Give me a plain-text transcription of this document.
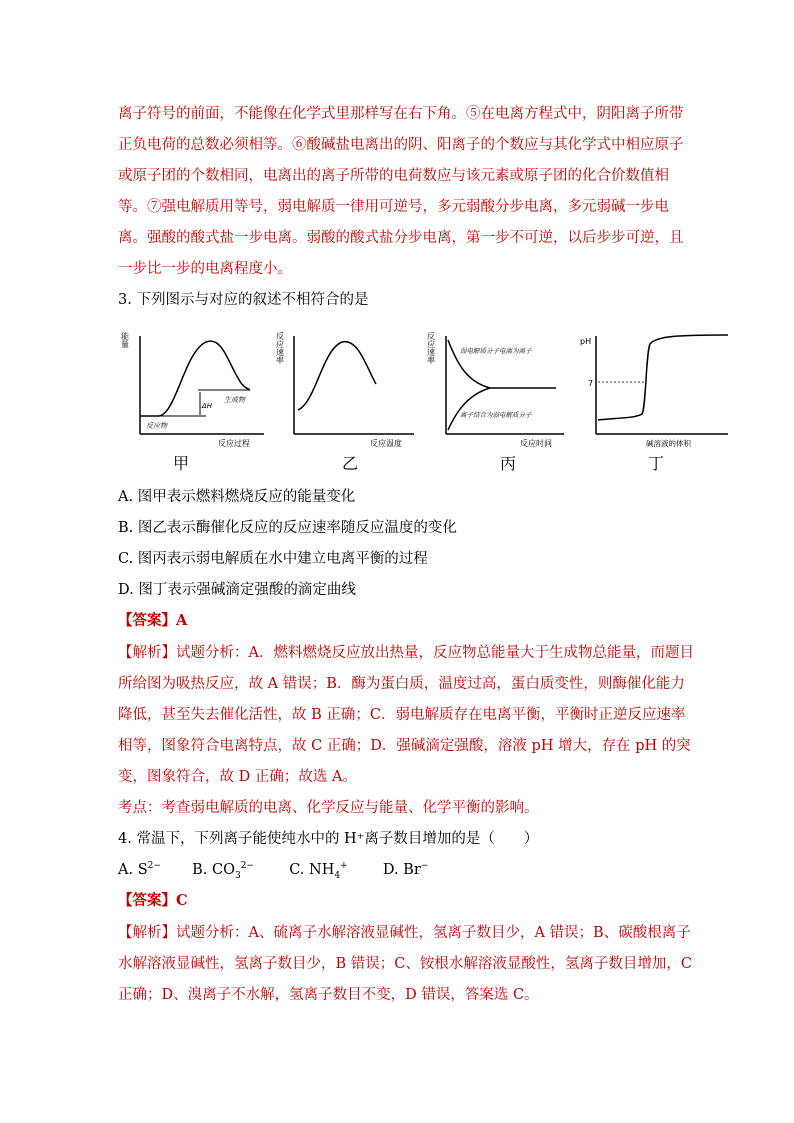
离子符号的前面，不能像在化学式里那样写在右下角。⑤在电离方程式中，阴阳离子所带
正负电荷的总数必须相等。⑥酸碱盐电离出的阴、阳离子的个数应与其化学式中相应原子
或原子团的个数相同，电离出的离子所带的电荷数应与该元素或原子团的化合价数值相
等。⑦强电解质用等号，弱电解质一律用可逆号，多元弱酸分步电离，多元弱碱一步电
离。强酸的酸式盐一步电离。弱酸的酸式盐分步电离，第一步不可逆，以后步步可逆，且
一步比一步的电离程度小。
3. 下列图示与对应的叙述不相符合的是
能量
ΔH
生成物
反应物
反应过程
反应速率
反应温度
反应速率	弱电解质分子电离为离子
离子结合为弱电解质分子
反应时间
pH
7
碱溶液的体积
甲	乙	丙	丁
A. 图甲表示燃料燃烧反应的能量变化
B. 图乙表示酶催化反应的反应速率随反应温度的变化
C. 图丙表示弱电解质在水中建立电离平衡的过程
D. 图丁表示强碱滴定强酸的滴定曲线
【答案】A
【解析】试题分析：A．燃料燃烧反应放出热量，反应物总能量大于生成物总能量，而题目
所给图为吸热反应，故 A 错误；B．酶为蛋白质，温度过高，蛋白质变性，则酶催化能力
降低，甚至失去催化活性，故 B 正确；C．弱电解质存在电离平衡，平衡时正逆反应速率
相等，图象符合电离特点，故 C 正确；D．强碱滴定强酸，溶液 pH 增大，存在 pH 的突
变，图象符合，故 D 正确；故选 A。
考点：考查弱电解质的电离、化学反应与能量、化学平衡的影响。
4. 常温下，下列离子能使纯水中的 H⁺离子数目增加的是（　　）
A. $S^{2-}$ B. $CO_3^{2-}$ C. $NH_4^+$ D. Br−
【答案】C
【解析】试题分析：A、硫离子水解溶液显碱性，氢离子数目少，A 错误；B、碳酸根离子
水解溶液显碱性，氢离子数目少，B 错误；C、铵根水解溶液显酸性，氢离子数目增加，C
正确；D、溴离子不水解，氢离子数目不变，D 错误，答案选 C。
